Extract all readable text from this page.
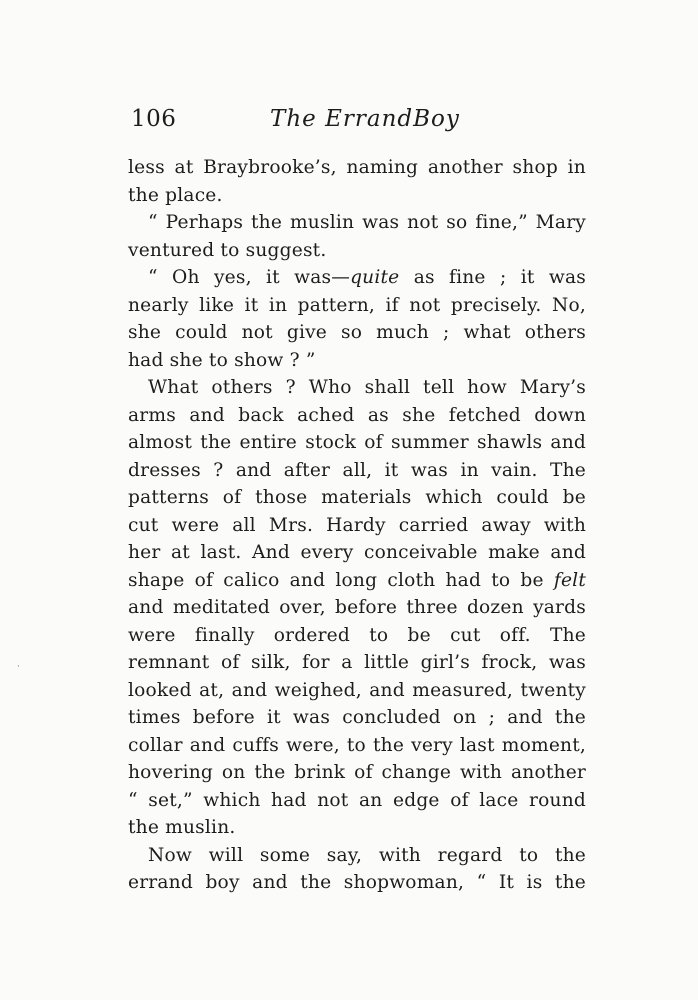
106	The ErrandBoy
less at Braybrooke’s, naming another shop in
the place.
“ Perhaps the muslin was not so fine,” Mary
ventured to suggest.
“ Oh yes, it was—quite as fine ; it was
nearly like it in pattern, if not precisely. No,
she could not give so much ; what others
had she to show ? ”
What others ? Who shall tell how Mary’s
arms and back ached as she fetched down
almost the entire stock of summer shawls and
dresses ? and after all, it was in vain. The
patterns of those materials which could be
cut were all Mrs. Hardy carried away with
her at last. And every conceivable make and
shape of calico and long cloth had to be felt
and meditated over, before three dozen yards
were finally ordered to be cut off. The
remnant of silk, for a little girl’s frock, was
looked at, and weighed, and measured, twenty
times before it was concluded on ; and the
collar and cuffs were, to the very last moment,
hovering on the brink of change with another
“ set,” which had not an edge of lace round
the muslin.
Now will some say, with regard to the
errand boy and the shopwoman, “ It is the
·
